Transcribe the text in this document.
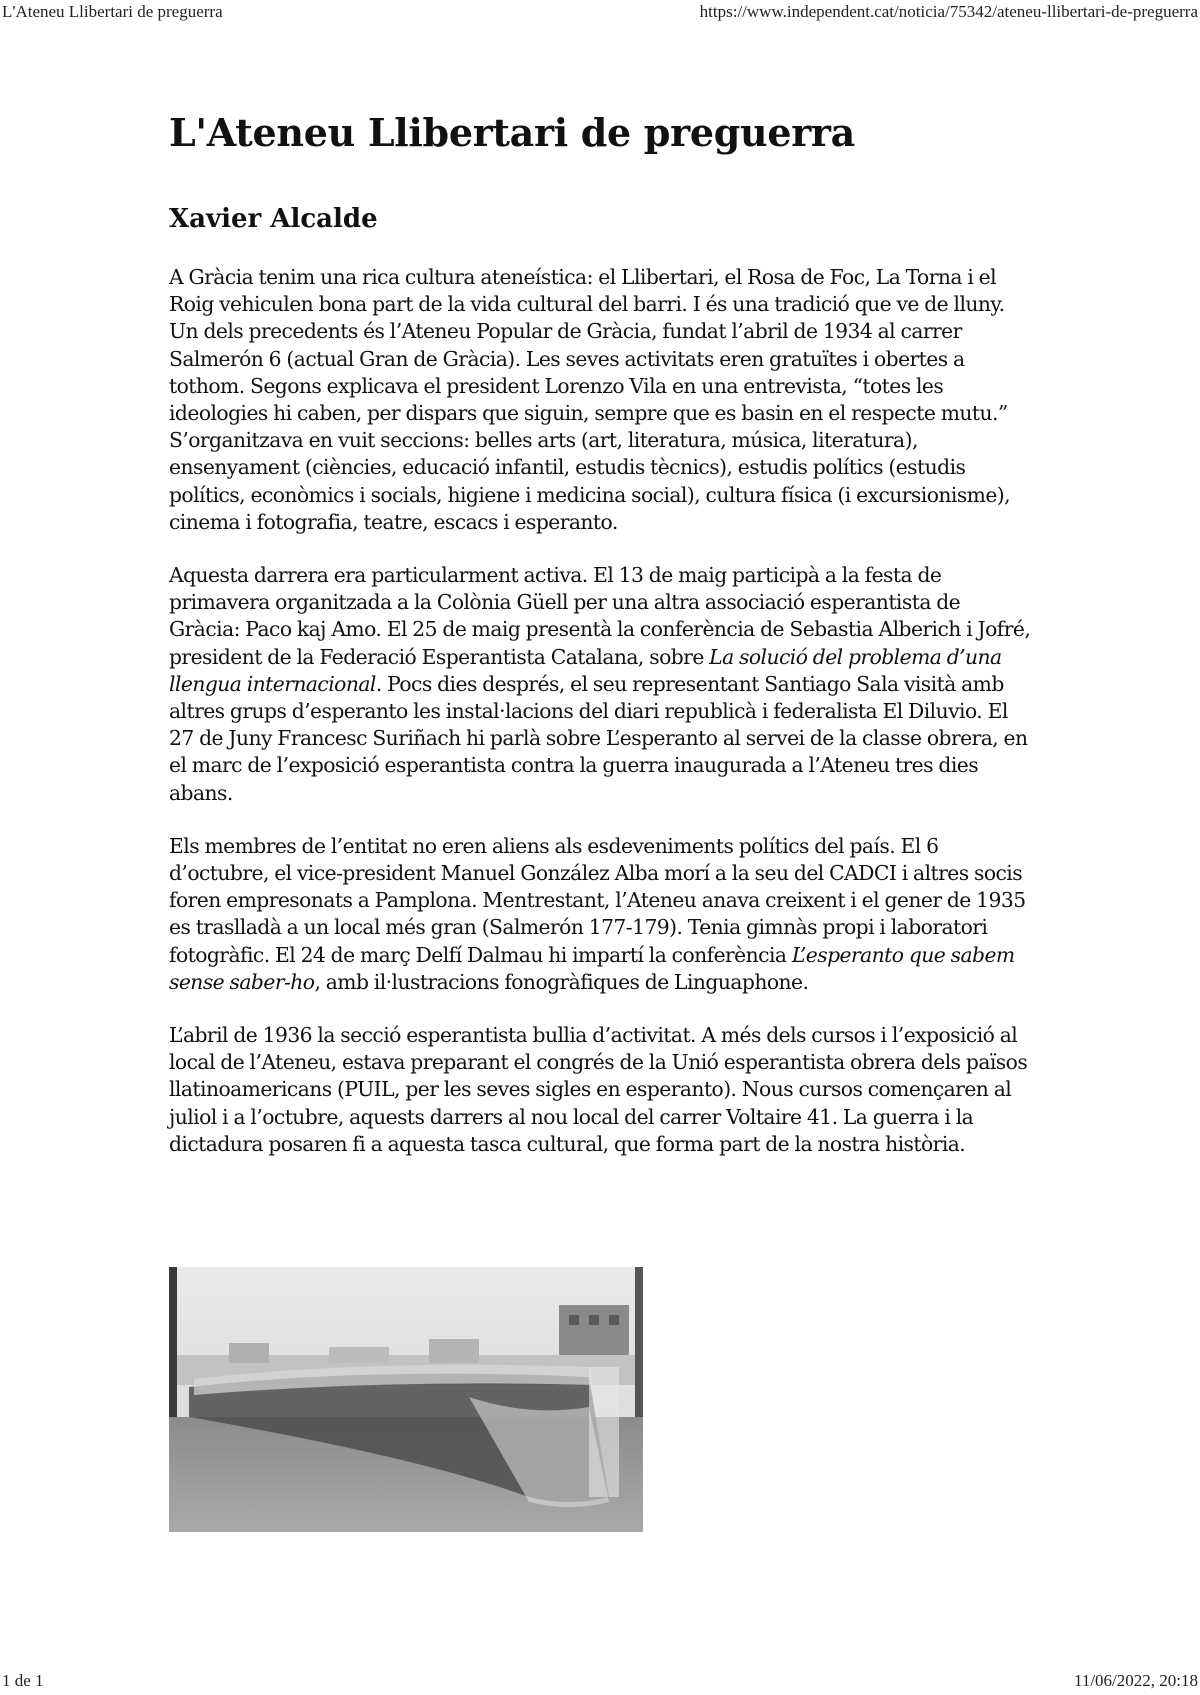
L'Ateneu Llibertari de preguerra	https://www.independent.cat/noticia/75342/ateneu-llibertari-de-preguerra
L'Ateneu Llibertari de preguerra
Xavier Alcalde

A Gràcia tenim una rica cultura ateneística: el Llibertari, el Rosa de Foc, La Torna i el Roig vehiculen bona part de la vida cultural del barri. I és una tradició que ve de lluny. Un dels precedents és l’Ateneu Popular de Gràcia, fundat l’abril de 1934 al carrer Salmerón 6 (actual Gran de Gràcia). Les seves activitats eren gratuïtes i obertes a tothom. Segons explicava el president Lorenzo Vila en una entrevista, “totes les ideologies hi caben, per dispars que siguin, sempre que es basin en el respecte mutu.” S’organitzava en vuit seccions: belles arts (art, literatura, música, literatura), ensenyament (ciències, educació infantil, estudis tècnics), estudis polítics (estudis polítics, econòmics i socials, higiene i medicina social), cultura física (i excursionisme), cinema i fotografia, teatre, escacs i esperanto.

Aquesta darrera era particularment activa. El 13 de maig participà a la festa de primavera organitzada a la Colònia Güell per una altra associació esperantista de Gràcia: Paco kaj Amo. El 25 de maig presentà la conferència de Sebastia Alberich i Jofré, president de la Federació Esperantista Catalana, sobre La solució del problema d’una llengua internacional. Pocs dies després, el seu representant Santiago Sala visità amb altres grups d’esperanto les instal·lacions del diari republicà i federalista El Diluvio. El 27 de Juny Francesc Suriñach hi parlà sobre L’esperanto al servei de la classe obrera, en el marc de l’exposició esperantista contra la guerra inaugurada a l’Ateneu tres dies abans.

Els membres de l’entitat no eren aliens als esdeveniments polítics del país. El 6 d’octubre, el vice-president Manuel González Alba morí a la seu del CADCI i altres socis foren empresonats a Pamplona. Mentrestant, l’Ateneu anava creixent i el gener de 1935 es traslladà a un local més gran (Salmerón 177-179). Tenia gimnàs propi i laboratori fotogràfic. El 24 de març Delfí Dalmau hi impartí la conferència L’esperanto que sabem sense saber-ho, amb il·lustracions fonogràfiques de Linguaphone.

L’abril de 1936 la secció esperantista bullia d’activitat. A més dels cursos i l’exposició al local de l’Ateneu, estava preparant el congrés de la Unió esperantista obrera dels països llatinoamericans (PUIL, per les seves sigles en esperanto). Nous cursos començaren al juliol i a l’octubre, aquests darrers al nou local del carrer Voltaire 41. La guerra i la dictadura posaren fi a aquesta tasca cultural, que forma part de la nostra història.

1 de 1	11/06/2022, 20:18
